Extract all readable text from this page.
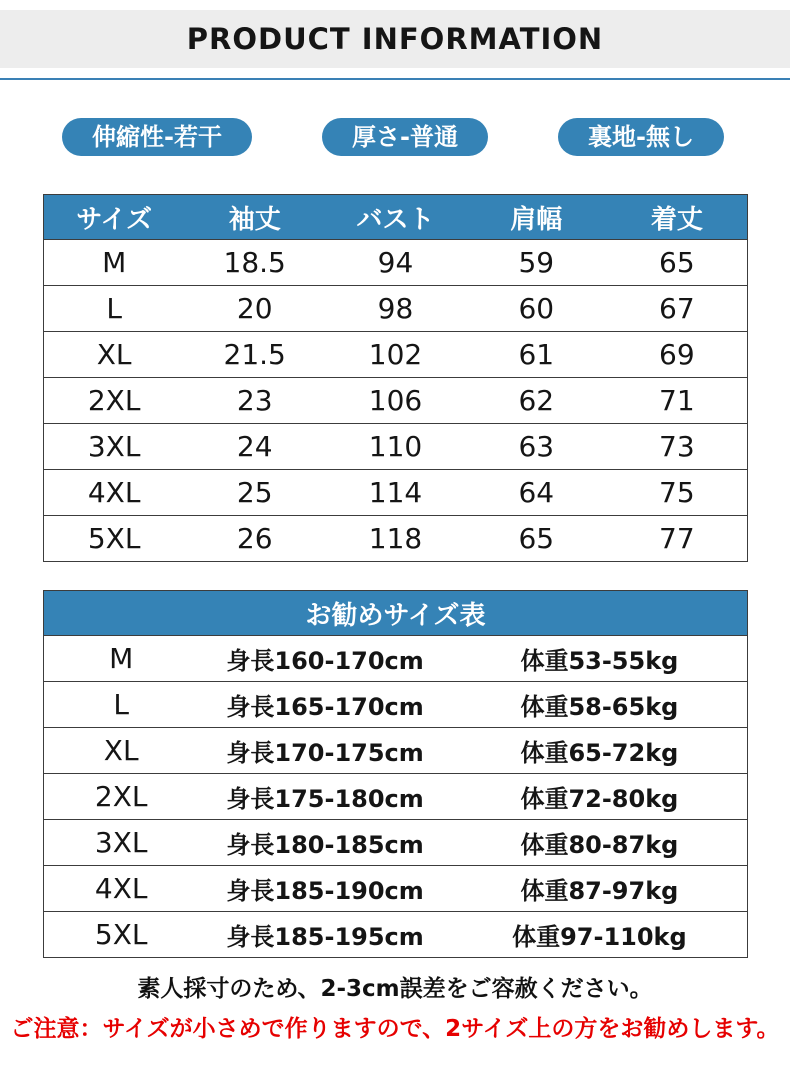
PRODUCT INFORMATION
伸縮性-若干	厚さ-普通	裏地-無し
サイズ	袖丈	バスト	肩幅	着丈
M	18.5	94	59	65
L	20	98	60	67
XL	21.5	102	61	69
2XL	23	106	62	71
3XL	24	110	63	73
4XL	25	114	64	75
5XL	26	118	65	77
お勧めサイズ表		
M	身長160-170cm	体重53-55kg
L	身長165-170cm	体重58-65kg
XL	身長170-175cm	体重65-72kg
2XL	身長175-180cm	体重72-80kg
3XL	身長180-185cm	体重80-87kg
4XL	身長185-190cm	体重87-97kg
5XL	身長185-195cm	体重97-110kg

素人採寸のため、2-3cm誤差をご容赦ください。

ご注意：サイズが小さめで作りますので、2サイズ上の方をお勧めします。
